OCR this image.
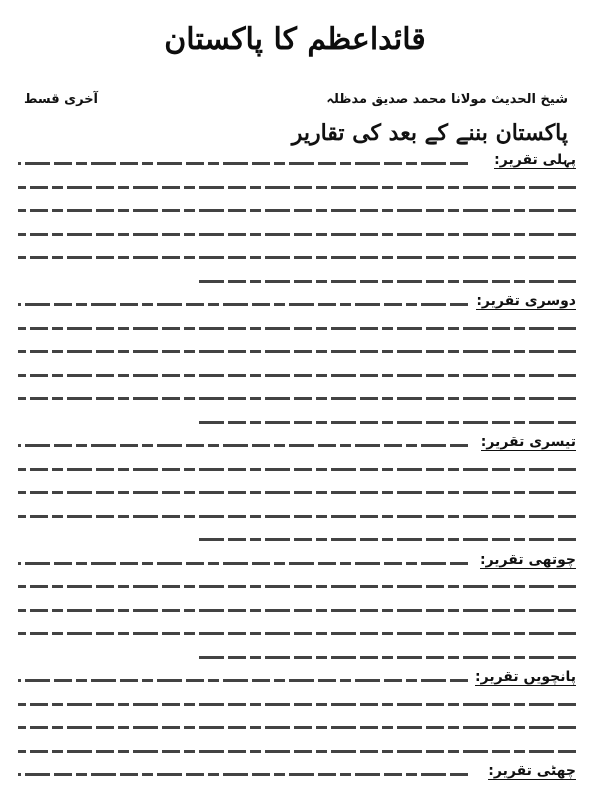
قائداعظم کا پاکستان
شیخ الحدیث مولانا محمد صدیق مدظلہ
آخری قسط
پاکستان بننے کے بعد کی تقاریر
پہلی تقریر:
دوسری تقریر:
تیسری تقریر:
چوتھی تقریر:
پانچویں تقریر:
چھٹی تقریر:
